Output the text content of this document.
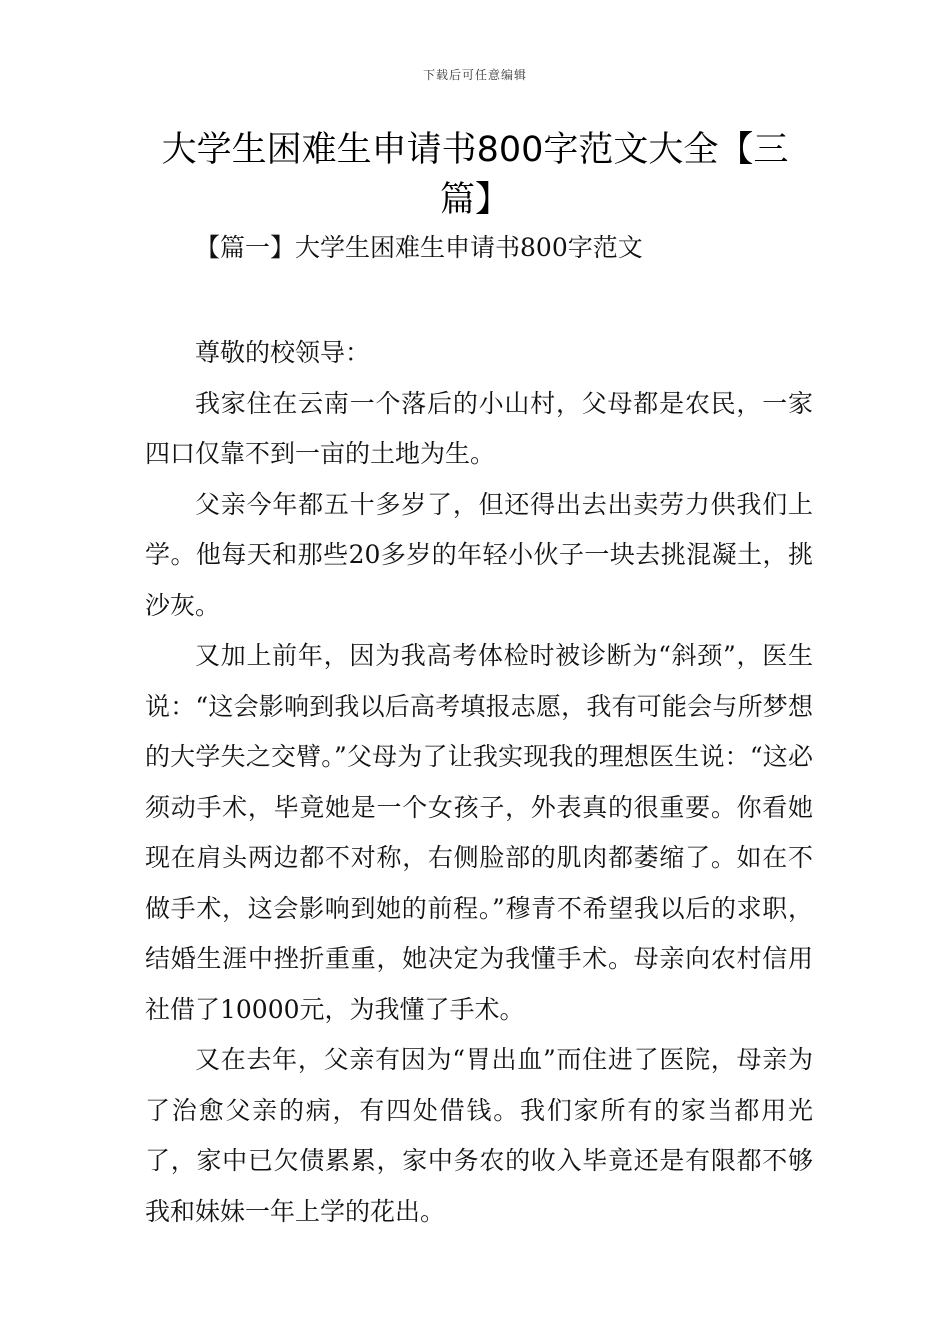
下载后可任意编辑
大学生困难生申请书800字范文大全【三篇】
【篇一】大学生困难生申请书800字范文

尊敬的校领导：

我家住在云南一个落后的小山村，父母都是农民，一家四口仅靠不到一亩的土地为生。

父亲今年都五十多岁了，但还得出去出卖劳力供我们上学。他每天和那些20多岁的年轻小伙子一块去挑混凝土，挑沙灰。

又加上前年，因为我高考体检时被诊断为“斜颈”，医生说：“这会影响到我以后高考填报志愿，我有可能会与所梦想的大学失之交臂。”父母为了让我实现我的理想医生说：“这必须动手术，毕竟她是一个女孩子，外表真的很重要。你看她现在肩头两边都不对称，右侧脸部的肌肉都萎缩了。如在不做手术，这会影响到她的前程。”穆青不希望我以后的求职，结婚生涯中挫折重重，她决定为我懂手术。母亲向农村信用社借了10000元，为我懂了手术。

又在去年，父亲有因为“胃出血”而住进了医院，母亲为了治愈父亲的病，有四处借钱。我们家所有的家当都用光了，家中已欠债累累，家中务农的收入毕竟还是有限都不够我和妹妹一年上学的花出。
